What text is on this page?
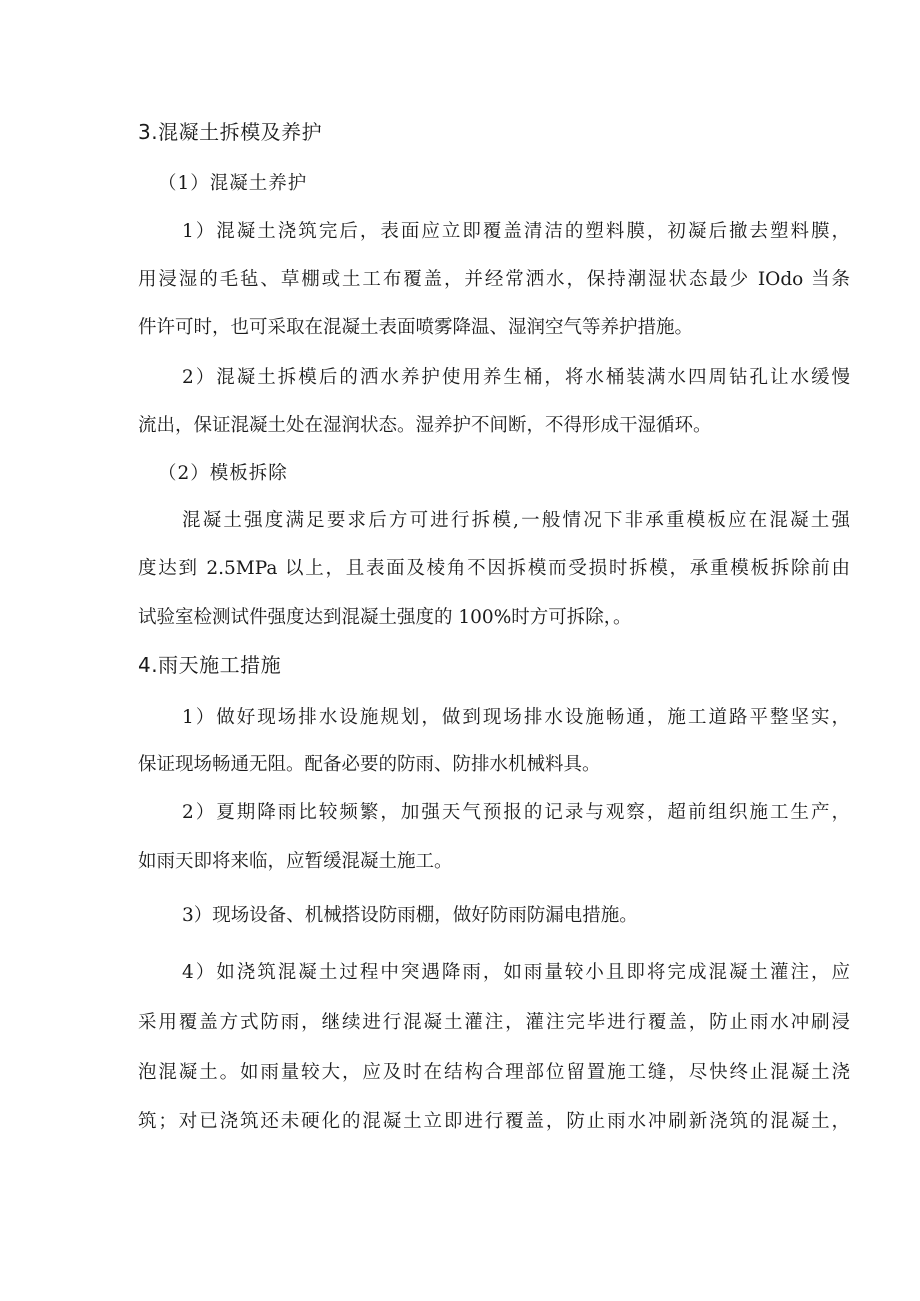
3.混凝土拆模及养护
（1）混凝土养护
1）混凝土浇筑完后，表面应立即覆盖清洁的塑料膜，初凝后撤去塑料膜，
用浸湿的毛毡、草棚或土工布覆盖，并经常洒水，保持潮湿状态最少 IOdo 当条
件许可时，也可采取在混凝土表面喷雾降温、湿润空气等养护措施。
2）混凝土拆模后的洒水养护使用养生桶，将水桶装满水四周钻孔让水缓慢
流出，保证混凝土处在湿润状态。湿养护不间断，不得形成干湿循环。
（2）模板拆除
混凝土强度满足要求后方可进行拆模,一般情况下非承重模板应在混凝土强
度达到 2.5MPa 以上，且表面及棱角不因拆模而受损时拆模，承重模板拆除前由
试验室检测试件强度达到混凝土强度的 100%时方可拆除，。
4.雨天施工措施
1）做好现场排水设施规划，做到现场排水设施畅通，施工道路平整坚实，
保证现场畅通无阻。配备必要的防雨、防排水机械料具。
2）夏期降雨比较频繁，加强天气预报的记录与观察，超前组织施工生产，
如雨天即将来临，应暂缓混凝土施工。
3）现场设备、机械搭设防雨棚，做好防雨防漏电措施。
4）如浇筑混凝土过程中突遇降雨，如雨量较小且即将完成混凝土灌注，应
采用覆盖方式防雨，继续进行混凝土灌注，灌注完毕进行覆盖，防止雨水冲刷浸
泡混凝土。如雨量较大，应及时在结构合理部位留置施工缝，尽快终止混凝土浇
筑；对已浇筑还未硬化的混凝土立即进行覆盖，防止雨水冲刷新浇筑的混凝土，
